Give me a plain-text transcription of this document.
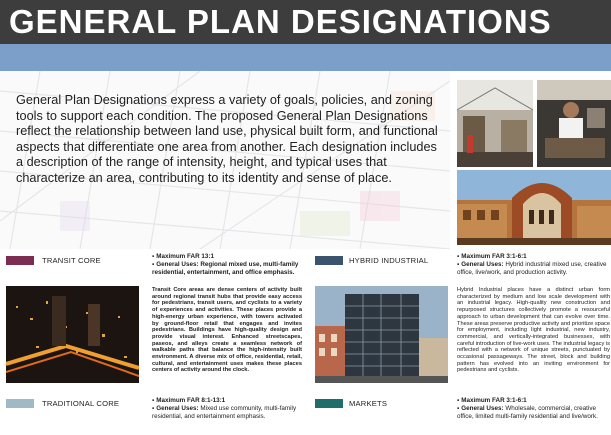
GENERAL PLAN DESIGNATIONS
General Plan Designations express a variety of goals, policies, and zoning tools to support each condition. The proposed General Plan Designations reflect the relationship between land use, physical built form, and functional aspects that differentiate one area from another. Each designation includes a description of the range of intensity, height, and typical uses that characterize an area, contributing to its identity and sense of place.
TRANSIT CORE	▪ Maximum FAR 13:1
▪ General Uses: Regional mixed use, multi-family residential, entertainment, and office emphasis.
Transit Core areas are dense centers of activity built around regional transit hubs that provide easy access for pedestrians, transit users, and cyclists to a variety of experiences and activities. These places provide a high-energy urban experience, with towers activated by ground-floor retail that engages and invites pedestrians. Buildings have high-quality design and provide visual interest. Enhanced streetscapes, paseos, and alleys create a seamless network of walkable paths that balance the high-intensity built environment. A diverse mix of office, residential, retail, cultural, and entertainment uses makes these places centers of activity around the clock.
TRADITIONAL CORE	▪ Maximum FAR 8:1-13:1
▪ General Uses: Mixed use community, multi-family residential, and entertainment emphasis.
HYBRID INDUSTRIAL	▪ Maximum FAR 3:1-6:1
▪ General Uses: Hybrid industrial mixed use, creative office, live/work, and production activity.
Hybrid Industrial places have a distinct urban form characterized by medium and low scale development with an industrial legacy. High-quality new construction and repurposed structures collectively promote a resourceful approach to urban development that can evolve over time. These areas preserve productive activity and prioritize space for employment, including light industrial, new industry, commercial, and vertically-integrated businesses, with careful introduction of live-work uses. The industrial legacy is reflected with a network of unique streets, punctuated by occasional passageways. The street, block and building pattern has evolved into an inviting environment for pedestrians and cyclists.
MARKETS	▪ Maximum FAR 3:1-6:1
▪ General Uses: Wholesale, commercial, creative office, limited multi-family residential and live/work.
